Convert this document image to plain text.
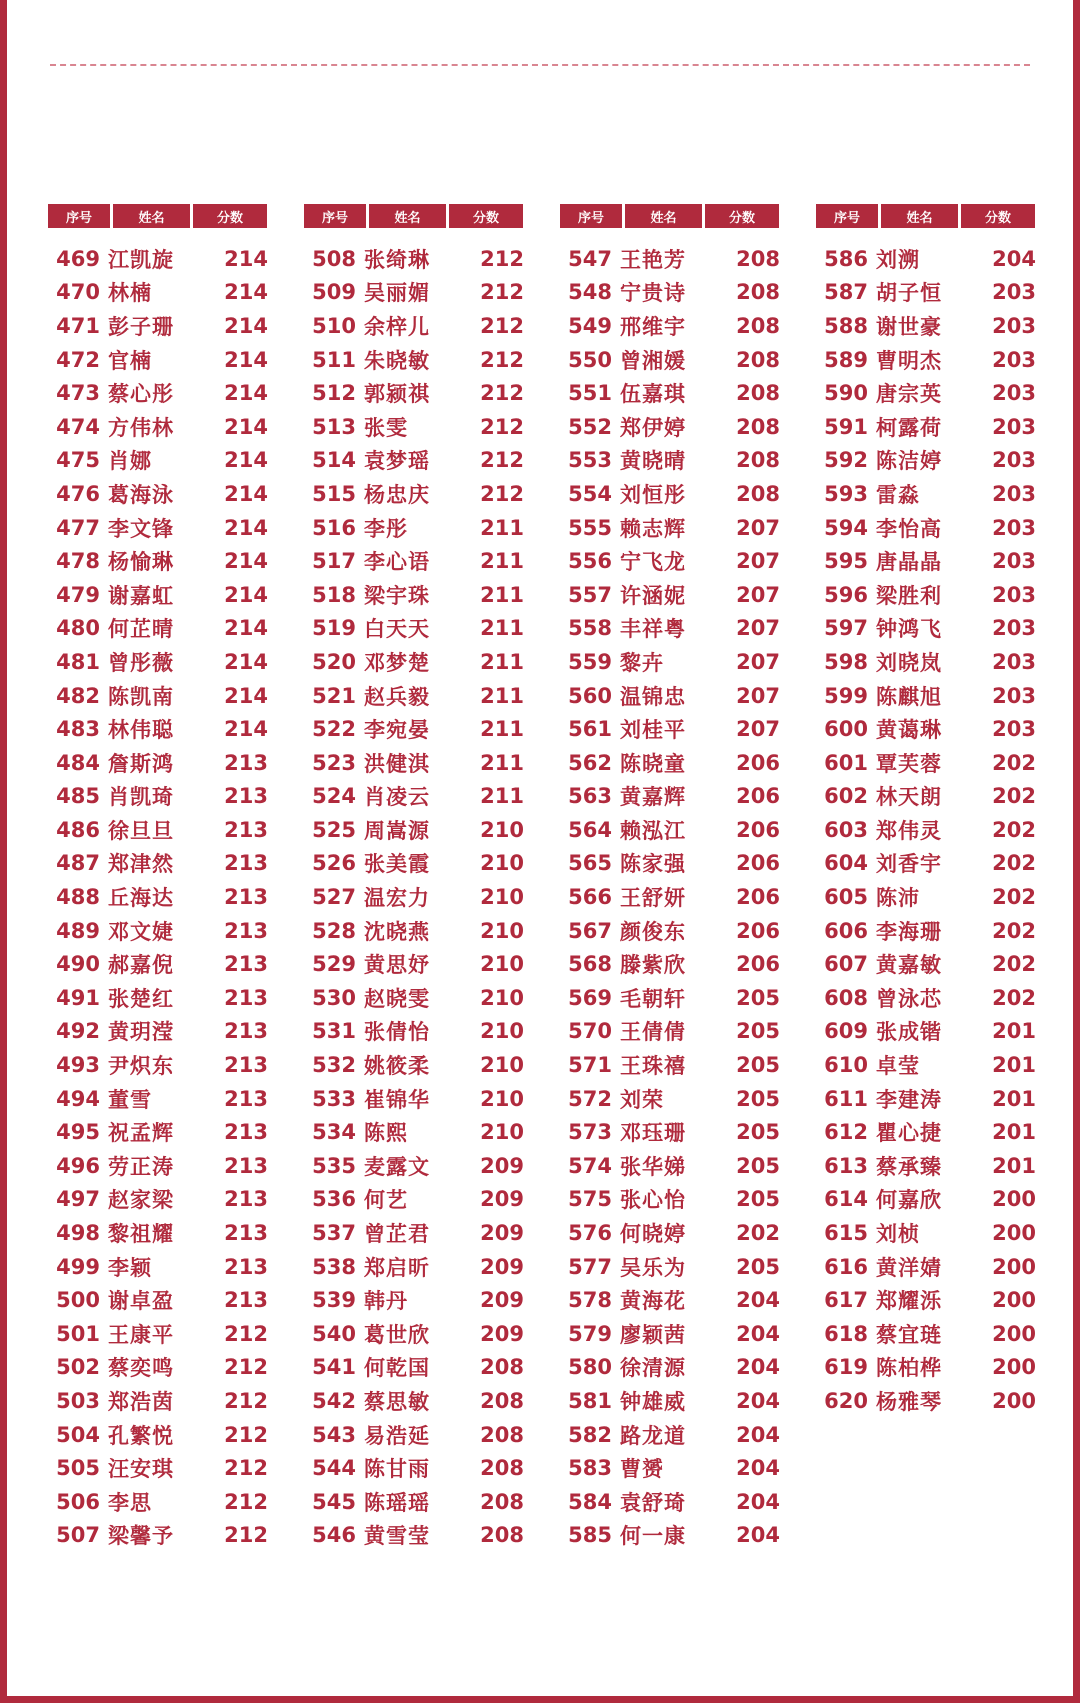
序号	姓名	分数
469 江凯旋	214
470 林楠	214
471 彭子珊	214
472 官楠	214
473 蔡心彤	214
474 方伟林	214
475 肖娜	214
476 葛海泳	214
477 李文锋	214
478 杨愉琳	214
479 谢嘉虹	214
480 何芷晴	214
481 曾彤薇	214
482 陈凯南	214
483 林伟聪	214
484 詹斯鸿	213
485 肖凯琦	213
486 徐旦旦	213
487 郑津然	213
488 丘海达	213
489 邓文婕	213
490 郝嘉倪	213
491 张楚红	213
492 黄玥滢	213
493 尹炽东	213
494 董雪	213
495 祝孟辉	213
496 劳正涛	213
497 赵家梁	213
498 黎祖耀	213
499 李颖	213
500 谢卓盈	213
501 王康平	212
502 蔡奕鸣	212
503 郑浩茵	212
504 孔繁悦	212
505 汪安琪	212
506 李思	212
507 梁馨予	212
序号	姓名	分数
508 张绮琳	212
509 吴丽媚	212
510 余梓儿	212
511 朱晓敏	212
512 郭颍祺	212
513 张雯	212
514 袁梦瑶	212
515 杨忠庆	212
516 李彤	211
517 李心语	211
518 梁宇珠	211
519 白天天	211
520 邓梦楚	211
521 赵兵毅	211
522 李宛晏	211
523 洪健淇	211
524 肖凌云	211
525 周嵩源	210
526 张美霞	210
527 温宏力	210
528 沈晓燕	210
529 黄思妤	210
530 赵晓雯	210
531 张倩怡	210
532 姚筱柔	210
533 崔锦华	210
534 陈熙	210
535 麦露文	209
536 何艺	209
537 曾芷君	209
538 郑启昕	209
539 韩丹	209
540 葛世欣	209
541 何乾国	208
542 蔡思敏	208
543 易浩延	208
544 陈甘雨	208
545 陈瑶瑶	208
546 黄雪莹	208
序号	姓名	分数
547 王艳芳	208
548 宁贵诗	208
549 邢维宇	208
550 曾湘媛	208
551 伍嘉琪	208
552 郑伊婷	208
553 黄晓晴	208
554 刘恒彤	208
555 赖志辉	207
556 宁飞龙	207
557 许涵妮	207
558 丰祥粤	207
559 黎卉	207
560 温锦忠	207
561 刘桂平	207
562 陈晓童	206
563 黄嘉辉	206
564 赖泓江	206
565 陈家强	206
566 王舒妍	206
567 颜俊东	206
568 滕紫欣	206
569 毛朝轩	205
570 王倩倩	205
571 王珠禧	205
572 刘荣	205
573 邓珏珊	205
574 张华娣	205
575 张心怡	205
576 何晓婷	202
577 吴乐为	205
578 黄海花	204
579 廖颖茜	204
580 徐清源	204
581 钟雄威	204
582 路龙道	204
583 曹赟	204
584 袁舒琦	204
585 何一康	204
序号	姓名	分数
586 刘溯	204
587 胡子恒	203
588 谢世豪	203
589 曹明杰	203
590 唐宗英	203
591 柯露荷	203
592 陈洁婷	203
593 雷淼	203
594 李怡高	203
595 唐晶晶	203
596 梁胜利	203
597 钟鸿飞	203
598 刘晓岚	203
599 陈麒旭	203
600 黄蔼琳	203
601 覃芙蓉	202
602 林天朗	202
603 郑伟灵	202
604 刘香宇	202
605 陈沛	202
606 李海珊	202
607 黄嘉敏	202
608 曾泳芯	202
609 张成锴	201
610 卓莹	201
611 李建涛	201
612 瞿心捷	201
613 蔡承臻	201
614 何嘉欣	200
615 刘桢	200
616 黄洋婧	200
617 郑耀泺	200
618 蔡宜琏	200
619 陈柏桦	200
620 杨雅琴	200
